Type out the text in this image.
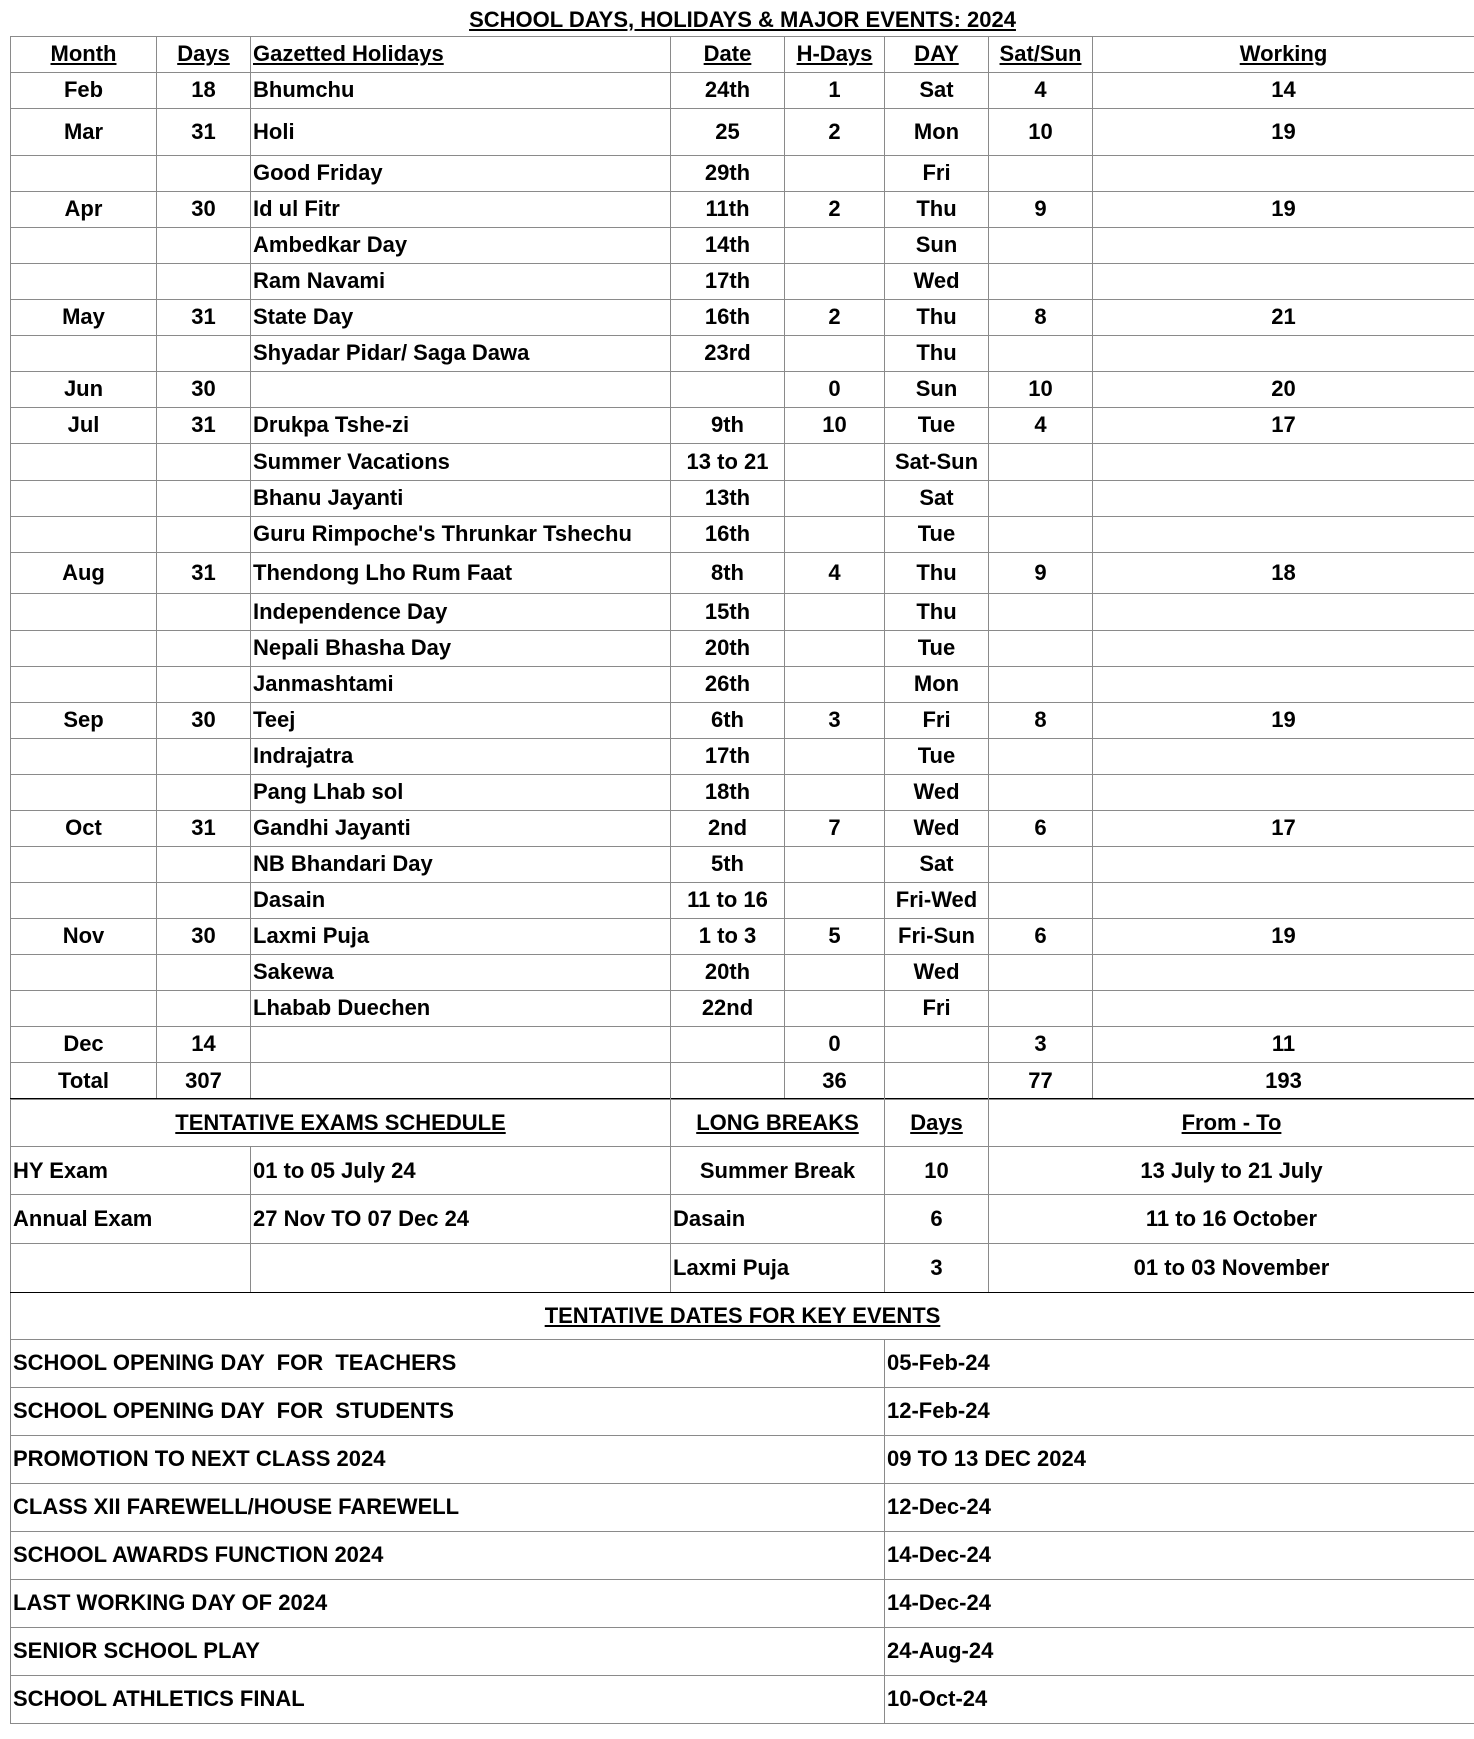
SCHOOL DAYS, HOLIDAYS & MAJOR EVENTS: 2024							
Month	Days	Gazetted Holidays	Date	H-Days	DAY	Sat/Sun	Working
Feb	18	Bhumchu	24th	1	Sat	4	14
Mar	31	Holi	25	2	Mon	10	19
		Good Friday	29th		Fri		
Apr	30	Id ul Fitr	11th	2	Thu	9	19
		Ambedkar Day	14th		Sun		
		Ram Navami	17th		Wed		
May	31	State Day	16th	2	Thu	8	21
		Shyadar Pidar/ Saga Dawa	23rd		Thu		
Jun	30			0	Sun	10	20
Jul	31	Drukpa Tshe-zi	9th	10	Tue	4	17
		Summer Vacations	13 to 21		Sat-Sun		
		Bhanu Jayanti	13th		Sat		
		Guru Rimpoche's Thrunkar Tshechu	16th		Tue		
Aug	31	Thendong Lho Rum Faat	8th	4	Thu	9	18
		Independence Day	15th		Thu		
		Nepali Bhasha Day	20th		Tue		
		Janmashtami	26th		Mon		
Sep	30	Teej	6th	3	Fri	8	19
		Indrajatra	17th		Tue		
		Pang Lhab sol	18th		Wed		
Oct	31	Gandhi Jayanti	2nd	7	Wed	6	17
		NB Bhandari Day	5th		Sat		
		Dasain	11 to 16		Fri-Wed		
Nov	30	Laxmi Puja	1 to 3	5	Fri-Sun	6	19
		Sakewa	20th		Wed		
		Lhabab Duechen	22nd		Fri		
Dec	14			0		3	11
Total	307			36		77	193
TENTATIVE EXAMS SCHEDULE		LONG BREAKS	Days	From - To
HY Exam	01 to 05 July 24	Summer Break	10	13 July to 21 July
Annual Exam	27 Nov TO 07 Dec 24	Dasain	6	11 to 16 October
		Laxmi Puja	3	01 to 03 November
TENTATIVE DATES FOR KEY EVENTS	
SCHOOL OPENING DAY  FOR  TEACHERS	05-Feb-24
SCHOOL OPENING DAY  FOR  STUDENTS	12-Feb-24
PROMOTION TO NEXT CLASS 2024	09 TO 13 DEC 2024
CLASS XII FAREWELL/HOUSE FAREWELL	12-Dec-24
SCHOOL AWARDS FUNCTION 2024	14-Dec-24
LAST WORKING DAY OF 2024	14-Dec-24
SENIOR SCHOOL PLAY	24-Aug-24
SCHOOL ATHLETICS FINAL	10-Oct-24
